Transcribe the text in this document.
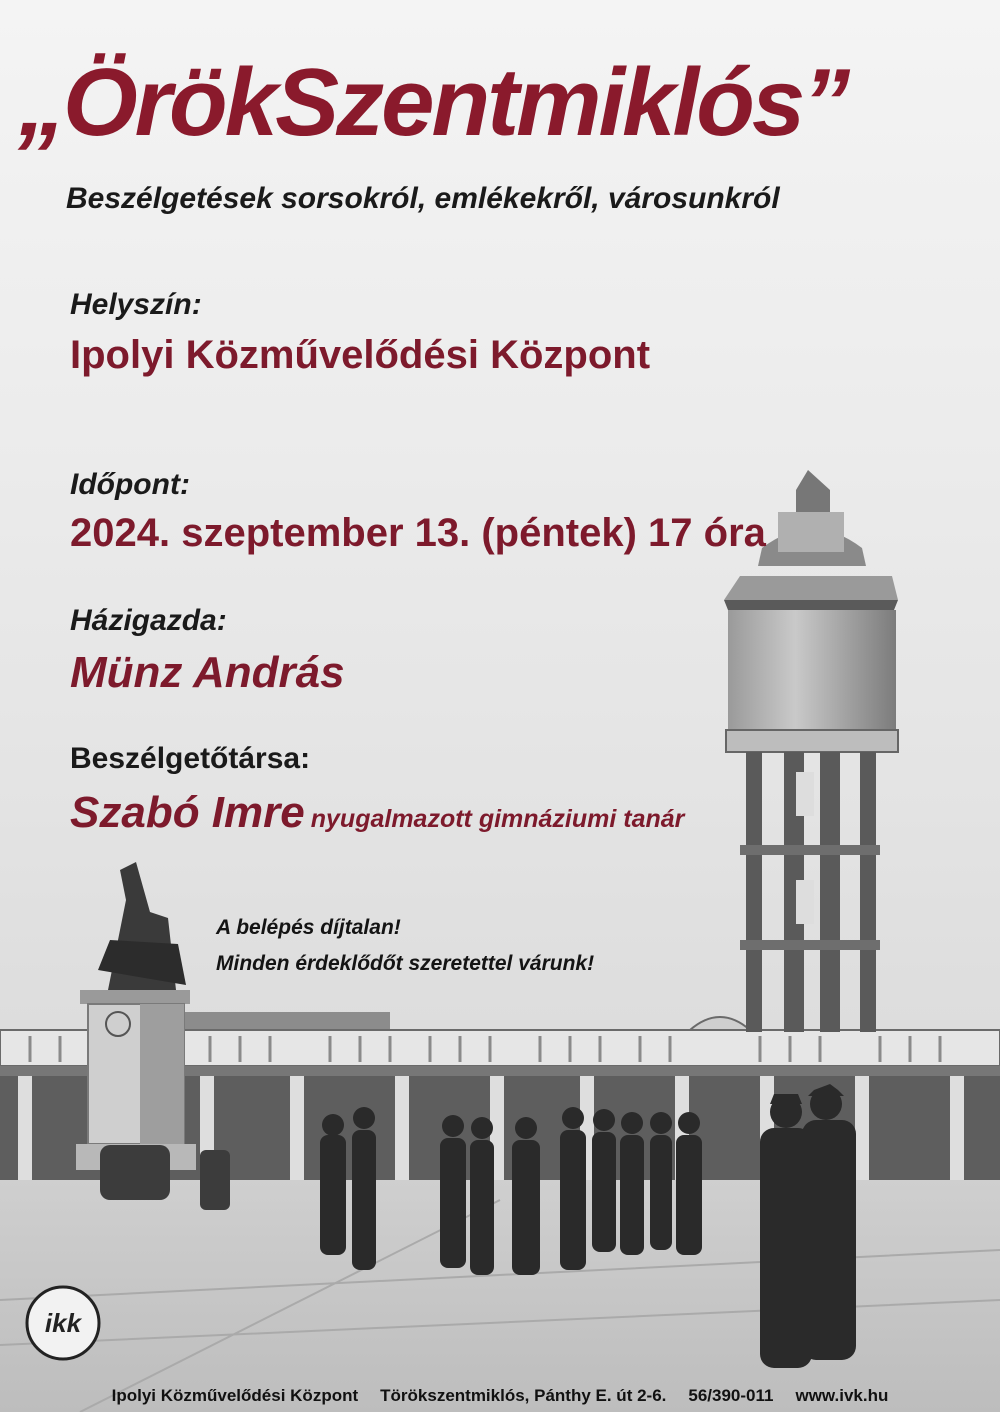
„ÖrökSzentmiklós”

Beszélgetések sorsokról, emlékekről, városunkról

Helyszín:

Ipolyi Közművelődési Központ

Időpont:

2024. szeptember 13. (péntek) 17 óra

Házigazda:

Münz András

Beszélgetőtársa:

Szabó Imre nyugalmazott gimnáziumi tanár

A belépés díjtalan!

Minden érdeklődőt szeretettel várunk!

ikk
Ipolyi Közművelődési Központ Törökszentmiklós, Pánthy E. út 2-6. 56/390-011 www.ivk.hu
